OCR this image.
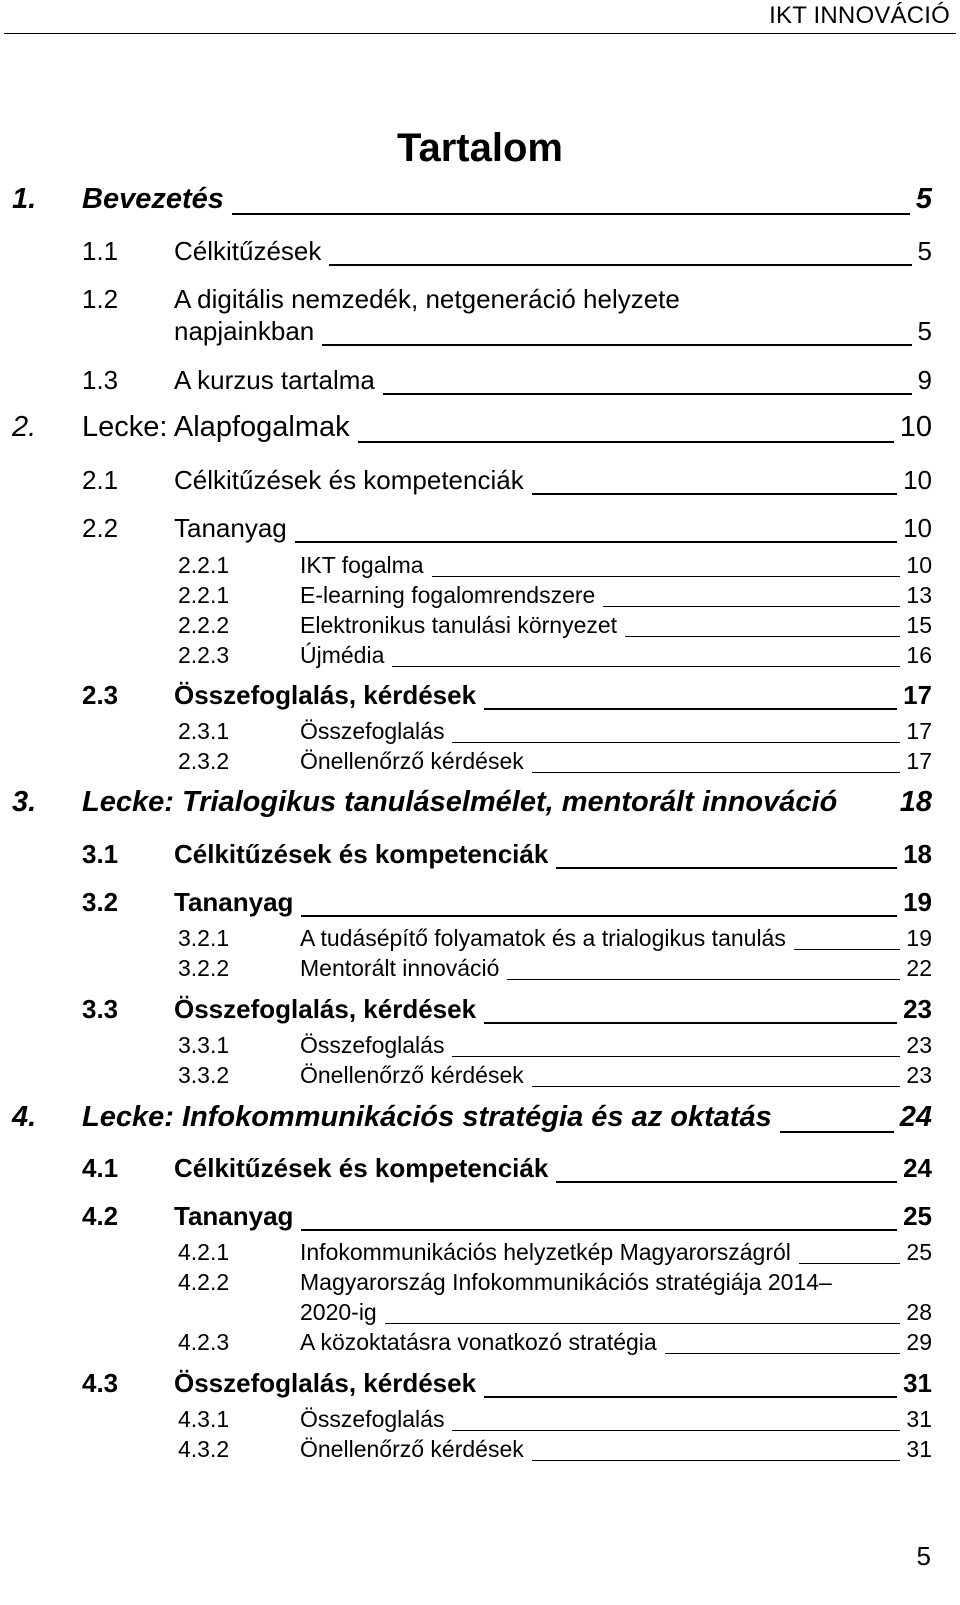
IKT INNOVÁCIÓ
Tartalom
1. Bevezetés	5
1.1 Célkitűzések	5
1.2 A digitális nemzedék, netgeneráció helyzete
napjainkban	5
1.3 A kurzus tartalma	9
2. Lecke: Alapfogalmak	10
2.1 Célkitűzések és kompetenciák	10
2.2 Tananyag	10
2.2.1	IKT fogalma	10
2.2.1	E-learning fogalomrendszere	13
2.2.2	Elektronikus tanulási környezet	15
2.2.3	Újmédia	16
2.3 Összefoglalás, kérdések	17
2.3.1	Összefoglalás	17
2.3.2	Önellenőrző kérdések	17
3. Lecke: Trialogikus tanuláselmélet, mentorált innováció 18
3.1 Célkitűzések és kompetenciák	18
3.2 Tananyag	19
3.2.1	A tudásépítő folyamatok és a trialogikus tanulás	19
3.2.2	Mentorált innováció	22
3.3 Összefoglalás, kérdések	23
3.3.1	Összefoglalás	23
3.3.2	Önellenőrző kérdések	23
4. Lecke: Infokommunikációs stratégia és az oktatás	24
4.1 Célkitűzések és kompetenciák	24
4.2 Tananyag	25
4.2.1	Infokommunikációs helyzetkép Magyarországról	25
4.2.2	Magyarország Infokommunikációs stratégiája 2014–
2020-ig	28
4.2.3	A közoktatásra vonatkozó stratégia	29
4.3 Összefoglalás, kérdések	31
4.3.1	Összefoglalás	31
4.3.2	Önellenőrző kérdések	31
5
